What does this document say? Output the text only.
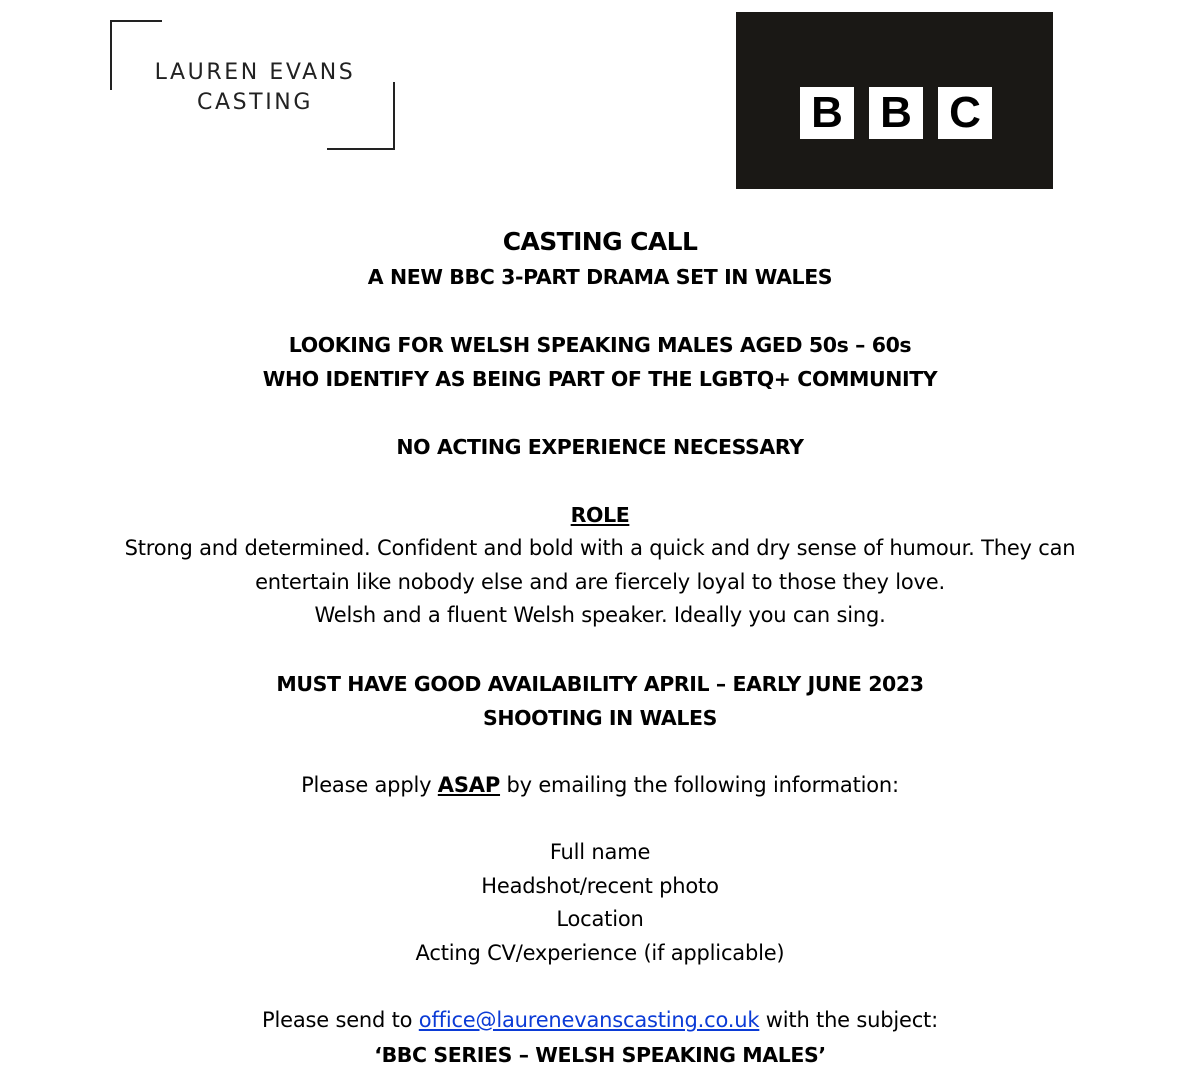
LAUREN EVANS
CASTING	B B C

CASTING CALL

A NEW BBC 3-PART DRAMA SET IN WALES

LOOKING FOR WELSH SPEAKING MALES AGED 50s – 60s

WHO IDENTIFY AS BEING PART OF THE LGBTQ+ COMMUNITY

NO ACTING EXPERIENCE NECESSARY

ROLE

Strong and determined. Confident and bold with a quick and dry sense of humour. They can

entertain like nobody else and are fiercely loyal to those they love.

Welsh and a fluent Welsh speaker. Ideally you can sing.

MUST HAVE GOOD AVAILABILITY APRIL – EARLY JUNE 2023

SHOOTING IN WALES

Please apply ASAP by emailing the following information:

Full name

Headshot/recent photo

Location

Acting CV/experience (if applicable)

Please send to office@laurenevanscasting.co.uk with the subject:

‘BBC SERIES – WELSH SPEAKING MALES’
